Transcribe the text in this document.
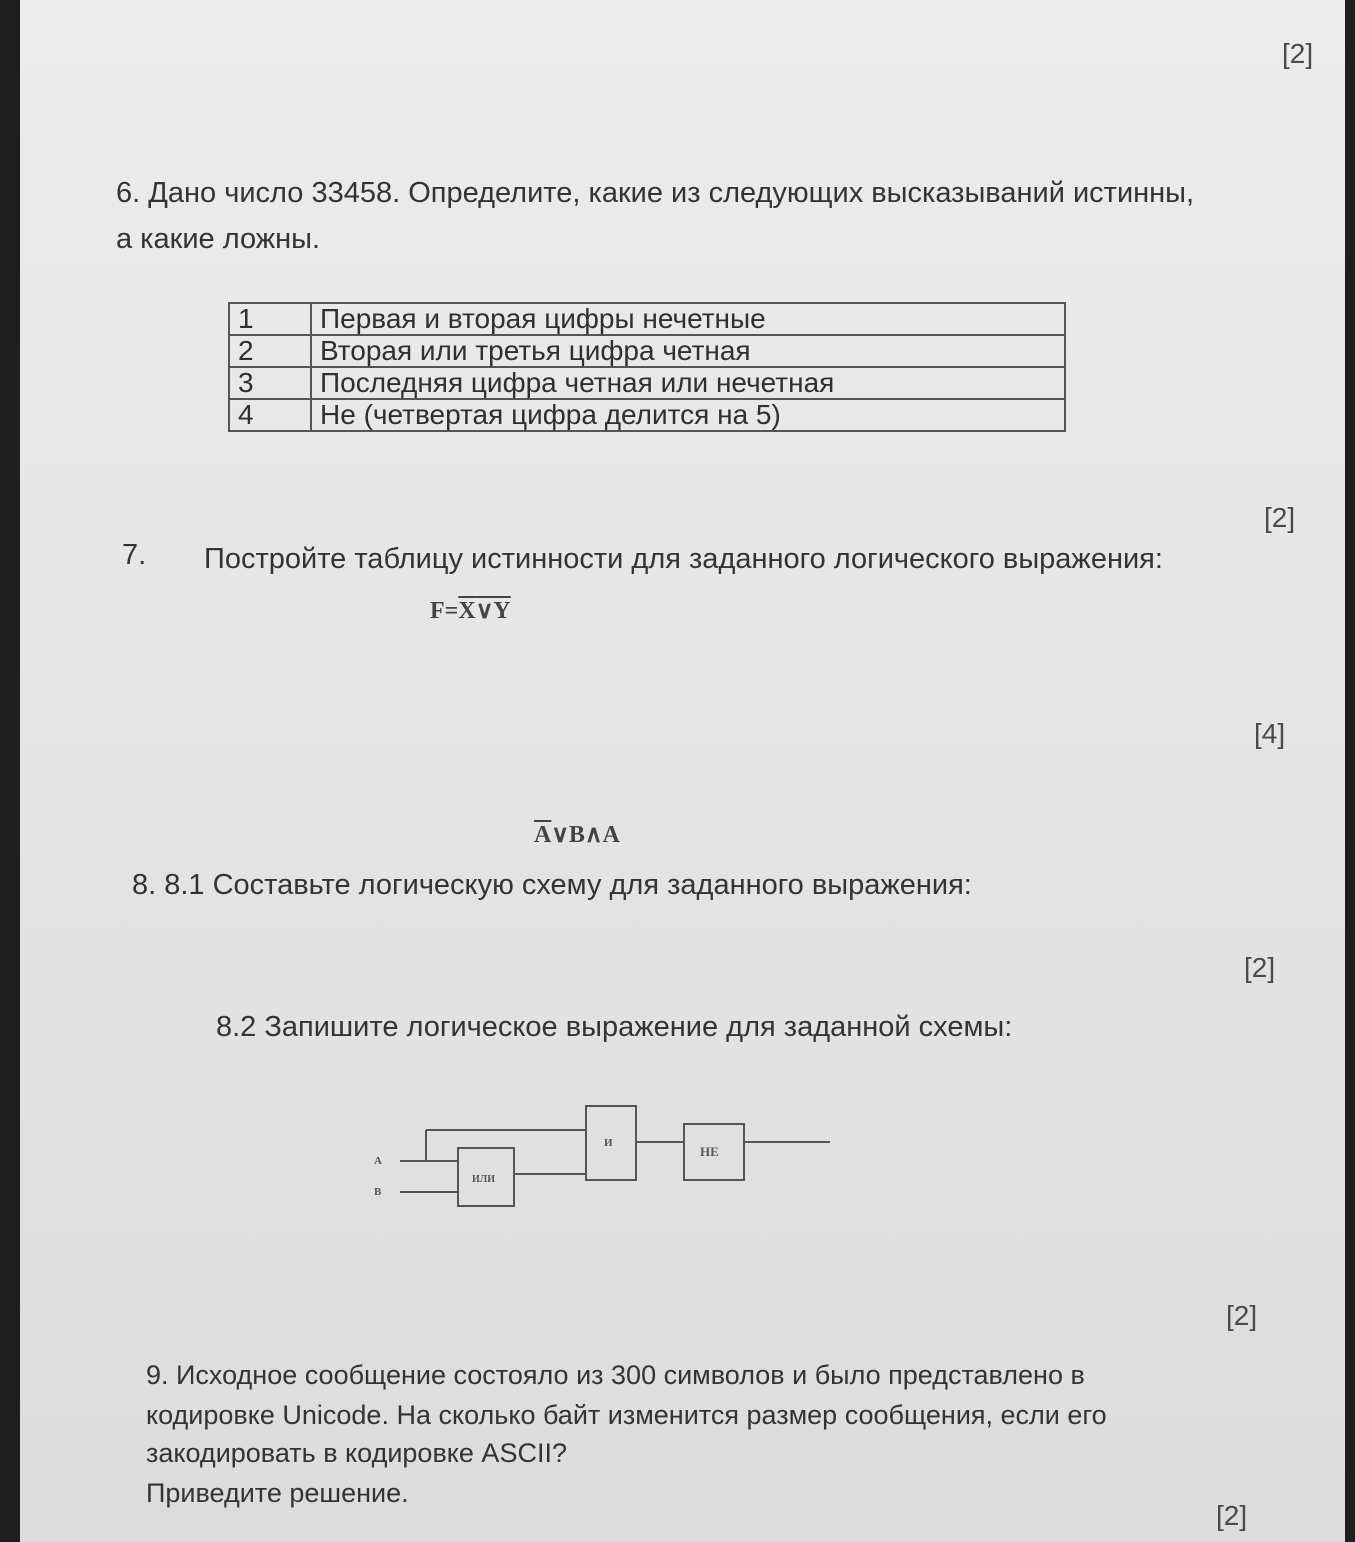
[2]
6. Дано число 33458. Определите, какие из следующих высказываний истинны,
а какие ложны.
1	Первая и вторая цифры нечетные
2	Вторая или третья цифра четная
3	Последняя цифра четная или нечетная
4	Не (четвертая цифра делится на 5)
[2]
7. Постройте таблицу истинности для заданного логического выражения:
F=X∨Y
[4]
$\overline{A}\vee B\wedge A$
8. 8.1 Составьте логическую схему для заданного выражения:
[2]
8.2 Запишите логическое выражение для заданной схемы:
A
B
ИЛИ
И
НЕ
[2]
9. Исходное сообщение состояло из 300 символов и было представлено в
кодировке Unicode. На сколько байт изменится размер сообщения, если его
закодировать в кодировке ASCII?
Приведите решение.
[2]
